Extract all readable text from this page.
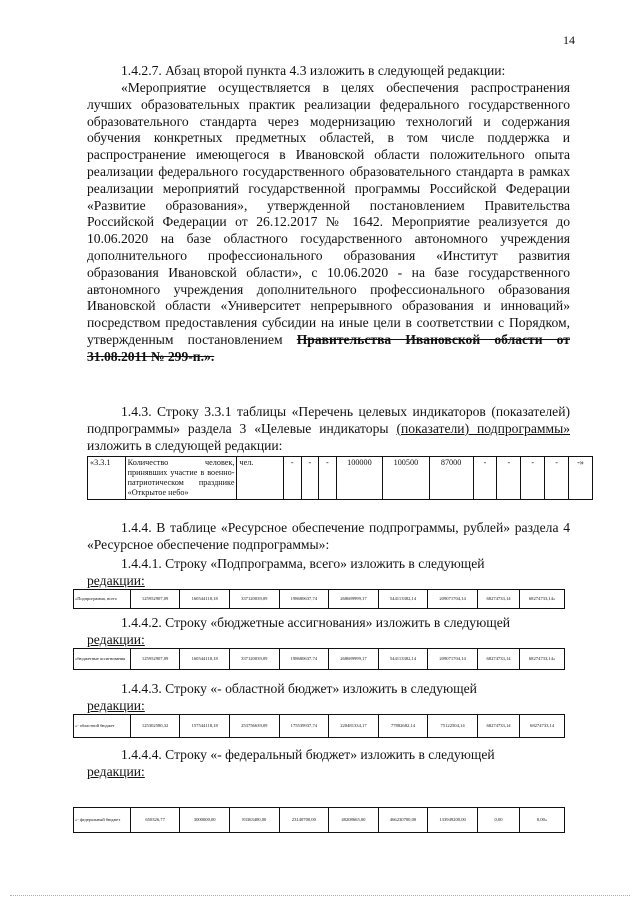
14
1.4.2.7. Абзац второй пункта 4.3 изложить в следующей редакции:
«Мероприятие осуществляется в целях обеспечения распространения лучших образовательных практик реализации федерального государственного образовательного стандарта через модернизацию технологий и содержания обучения конкретных предметных областей, в том числе поддержка и распространение имеющегося в Ивановской области положительного опыта реализации федерального государственного образовательного стандарта в рамках реализации мероприятий государственной программы Российской Федерации «Развитие образования», утвержденной постановлением Правительства Российской Федерации от 26.12.2017 № 1642. Мероприятие реализуется до 10.06.2020 на базе областного государственного автономного учреждения дополнительного профессионального образования «Институт развития образования Ивановской области», с 10.06.2020 - на базе государственного автономного учреждения дополнительного профессионального образования Ивановской области «Университет непрерывного образования и инноваций» посредством предоставления субсидии на иные цели в соответствии с Порядком, утвержденным постановлением Правительства Ивановской области от 31.08.2011 № 299-п.».
1.4.3. Строку 3.3.1 таблицы «Перечень целевых индикаторов (показателей) подпрограммы» раздела 3 «Целевые индикаторы (показатели) подпрограммы» изложить в следующей редакции:
«3.3.1	Количество человек, принявших участие в военно-патриотическом празднике «Открытое небо»	чел.	-	-	-	100000	100500	87000	-	-	-	-	-»
1.4.4. В таблице «Ресурсное обеспечение подпрограммы, рублей» раздела 4 «Ресурсное обеспечение подпрограммы»:
1.4.4.1. Строку «Подпрограмма, всего» изложить в следующей
редакции:
«Подпрограмма, всего	125952907,09	160544118,18	337120039,09	198680637,74	268689999,17	544113382,14	209071704,14	68274733,14	68274733,14»
1.4.4.2. Строку «бюджетные ассигнования» изложить в следующей
редакции:
«бюджетные ассигнования	125952907,09	160544118,18	337120039,09	198680637,74	268689999,17	544113382,14	209071704,14	68274733,14	68274733,14»
1.4.4.3. Строку «- областной бюджет» изложить в следующей
редакции:
«- областной бюджет	125302580,32	157544118,18	253756639,09	175539937,74	220481334,17	77882682,14	75122504,14	68274733,14	68274733,14
1.4.4.4. Строку «- федеральный бюджет» изложить в следующей
редакции:
«- федеральный бюджет	650326,77	3000000,00	83363400,00	23140700,00	48208665,00	466230700,00	133949200,00	0,00	0,00»
